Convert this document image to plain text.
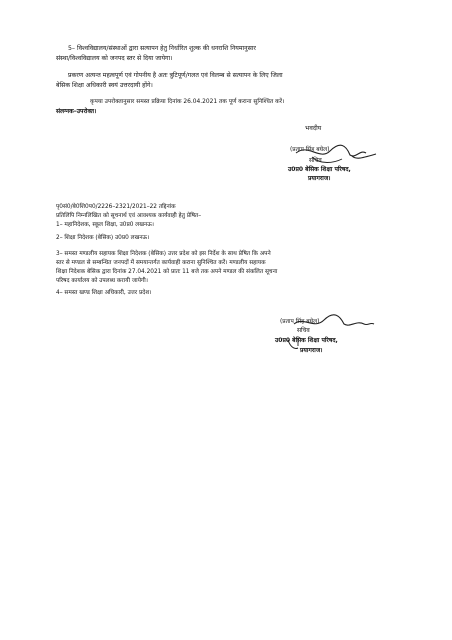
5– विश्वविद्यालय/संस्थाओं द्वारा सत्यापन हेतु निर्धारित शुल्क की धनराशि नियमानुसार
संस्था/विश्वविद्यालय को जनपद स्तर से दिया जायेगा।
प्रकरण अत्यन्त महत्वपूर्ण एवं गोपनीय है अतः त्रुटिपूर्ण/गलत एवं विलम्ब से सत्यापन के लिए जिला
बेसिक शिक्षा अधिकारी स्वयं उत्तरदायी होंगे।
कृपया उपरोक्तानुसार समस्त प्रक्रिया दिनांक 26.04.2021 तक पूर्ण कराना सुनिश्चित करें।
संलग्नक–उपरोक्त।
भवदीय
(प्रताप सिंह बघेल)
सचिव
उ0प्र0 बेसिक शिक्षा परिषद,
प्रयागराज।
पृ0सं0/बे0शि0प0/2226–2321/2021–22 तद्दिनांक
प्रतिलिपि निम्नलिखित को सूचनार्थ एवं आवश्यक कार्यवाही हेतु प्रेषित–
1– महानिदेशक, स्कूल शिक्षा, उ0प्र0 लखनऊ।
2– शिक्षा निदेशक (बेसिक) उ0प्र0 लखनऊ।
3– समस्त मण्डलीय सहायक शिक्षा निदेशक (बेसिक) उत्तर प्रदेश को इस निर्देश के साथ प्रेषित कि अपने
स्तर से मण्डल से सम्बन्धित जनपदों में समयान्तर्गत कार्यवाही कराना सुनिश्चित करें। मण्डलीय सहायक
शिक्षा निदेशक बेसिक द्वारा दिनांक 27.04.2021 को प्रातः 11 बजे तक अपने मण्डल की संकलित सूचना
परिषद कार्यालय को उपलब्ध करायी जायेगी।
4– समस्त खण्ड शिक्षा अधिकारी, उत्तर प्रदेश।
(प्रताप सिंह बघेल)
सचिव
उ0प्र0 बेसिक शिक्षा परिषद,
प्रयागराज।
